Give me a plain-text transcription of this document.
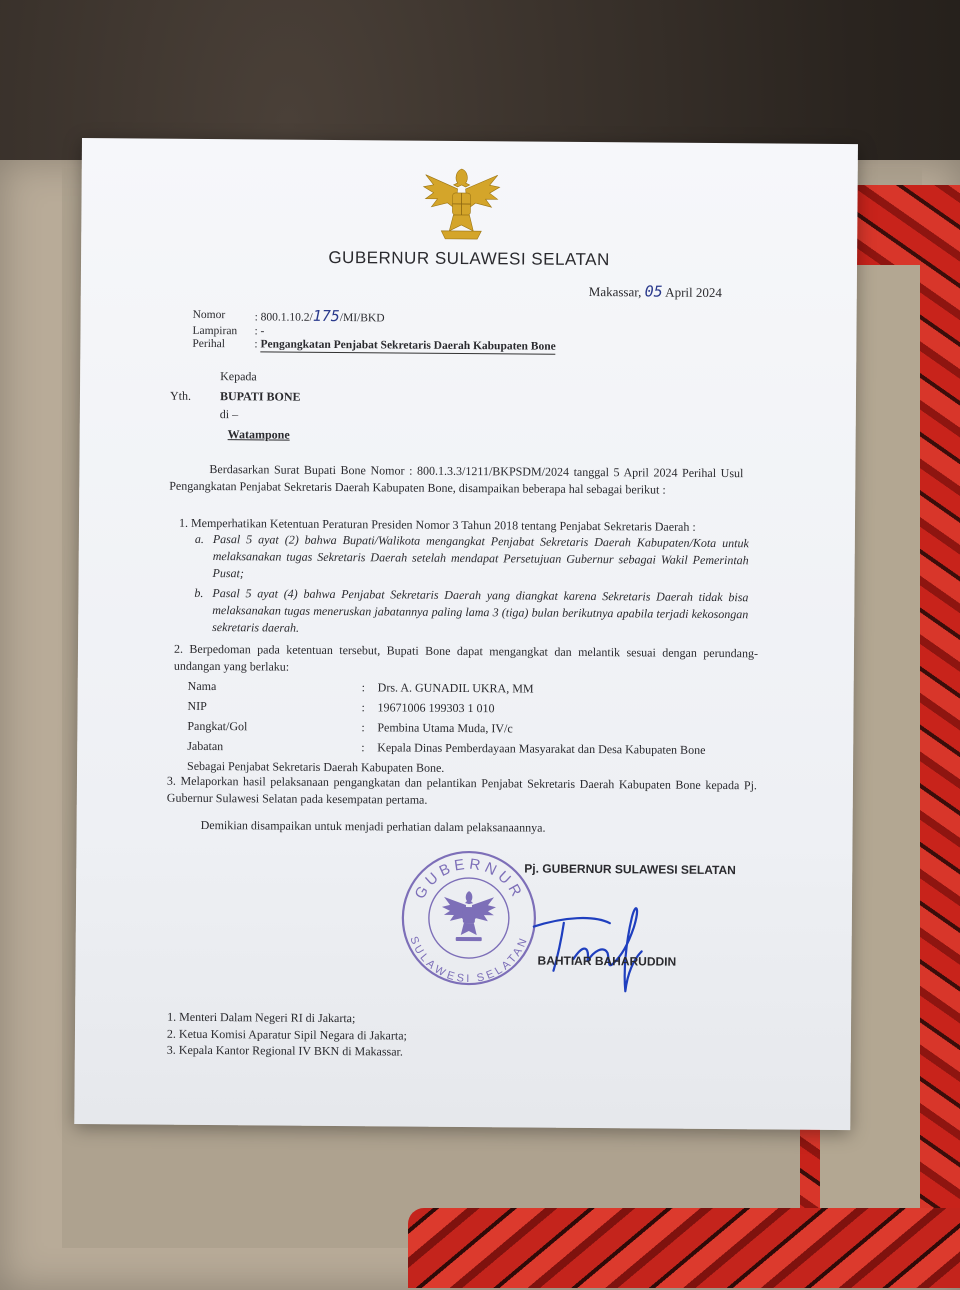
GUBERNUR SULAWESI SELATAN
Makassar, 05 April 2024
Nomor	: 800.1.10.2/175/MI/BKD
Lampiran	: -
Perihal	: Pengangkatan Penjabat Sekretaris Daerah Kabupaten Bone
Kepada
Yth. BUPATI BONE
di –
Watampone
Berdasarkan Surat Bupati Bone Nomor : 800.1.3.3/1211/BKPSDM/2024 tanggal 5 April 2024 Perihal Usul Pengangkatan Penjabat Sekretaris Daerah Kabupaten Bone, disampaikan beberapa hal sebagai berikut :
1. Memperhatikan Ketentuan Peraturan Presiden Nomor 3 Tahun 2018 tentang Penjabat Sekretaris Daerah :
a. Pasal 5 ayat (2) bahwa Bupati/Walikota mengangkat Penjabat Sekretaris Daerah Kabupaten/Kota untuk melaksanakan tugas Sekretaris Daerah setelah mendapat Persetujuan Gubernur sebagai Wakil Pemerintah Pusat;
b. Pasal 5 ayat (4) bahwa Penjabat Sekretaris Daerah yang diangkat karena Sekretaris Daerah tidak bisa melaksanakan tugas meneruskan jabatannya paling lama 3 (tiga) bulan berikutnya apabila terjadi kekosongan sekretaris daerah.
2. Berpedoman pada ketentuan tersebut, Bupati Bone dapat mengangkat dan melantik sesuai dengan perundang-undangan yang berlaku:
Nama	: Drs. A. GUNADIL UKRA, MM
NIP	: 19671006 199303 1 010
Pangkat/Gol	: Pembina Utama Muda, IV/c
Jabatan	: Kepala Dinas Pemberdayaan Masyarakat dan Desa Kabupaten Bone
Sebagai Penjabat Sekretaris Daerah Kabupaten Bone.
3. Melaporkan hasil pelaksanaan pengangkatan dan pelantikan Penjabat Sekretaris Daerah Kabupaten Bone kepada Pj. Gubernur Sulawesi Selatan pada kesempatan pertama.
Demikian disampaikan untuk menjadi perhatian dalam pelaksanaannya.
GUBERNUR
SULAWESI SELATAN
Pj. GUBERNUR SULAWESI SELATAN
BAHTIAR BAHARUDDIN
1. Menteri Dalam Negeri RI di Jakarta;
2. Ketua Komisi Aparatur Sipil Negara di Jakarta;
3. Kepala Kantor Regional IV BKN di Makassar.
